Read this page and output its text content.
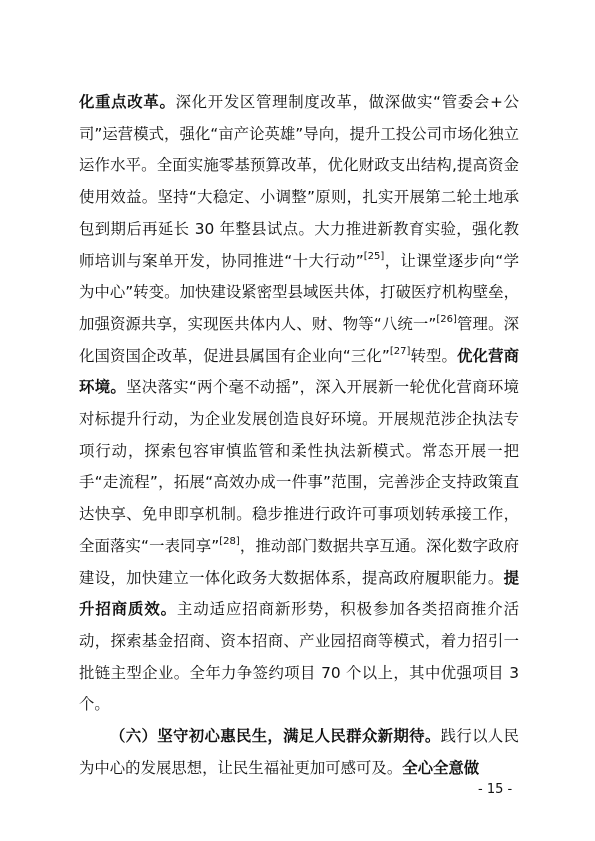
化重点改革。深化开发区管理制度改革，做深做实“管委会+公司”运营模式，强化“亩产论英雄”导向，提升工投公司市场化独立运作水平。全面实施零基预算改革，优化财政支出结构,提高资金使用效益。坚持“大稳定、小调整”原则，扎实开展第二轮土地承包到期后再延长 30 年整县试点。大力推进新教育实验，强化教师培训与案单开发，协同推进“十大行动”[25]，让课堂逐步向“学为中心”转变。加快建设紧密型县域医共体，打破医疗机构壁垒，加强资源共享，实现医共体内人、财、物等“八统一”[26]管理。深化国资国企改革，促进县属国有企业向“三化”[27]转型。优化营商环境。坚决落实“两个毫不动摇”，深入开展新一轮优化营商环境对标提升行动，为企业发展创造良好环境。开展规范涉企执法专项行动，探索包容审慎监管和柔性执法新模式。常态开展一把手“走流程”，拓展“高效办成一件事”范围，完善涉企支持政策直达快享、免申即享机制。稳步推进行政许可事项划转承接工作，全面落实“一表同享”[28]，推动部门数据共享互通。深化数字政府建设，加快建立一体化政务大数据体系，提高政府履职能力。提升招商质效。主动适应招商新形势，积极参加各类招商推介活动，探索基金招商、资本招商、产业园招商等模式，着力招引一批链主型企业。全年力争签约项目 70 个以上，其中优强项目 3 个。

（六）坚守初心惠民生，满足人民群众新期待。践行以人民为中心的发展思想，让民生福祉更加可感可及。全心全意做

- 15 -
